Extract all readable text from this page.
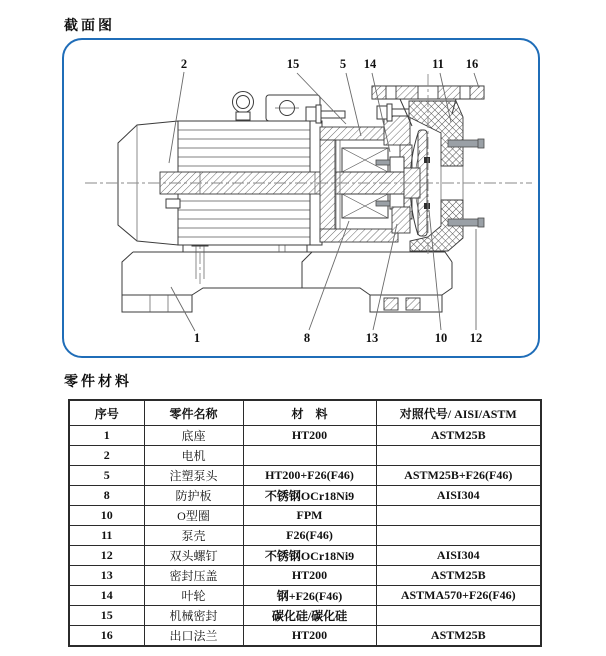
截面图
2	15	5 14	11 16
1	8	13	10 12
零件材料
序号	零件名称	材　料	对照代号/ AISI/ASTM
1	底座	HT200	ASTM25B
2	电机		
5	注塑泵头	HT200+F26(F46)	ASTM25B+F26(F46)
8	防护板	不锈钢OCr18Ni9	AISI304
10	O型圈	FPM	
11	泵壳	F26(F46)	
12	双头螺钉	不锈钢OCr18Ni9	AISI304
13	密封压盖	HT200	ASTM25B
14	叶轮	钢+F26(F46)	ASTMA570+F26(F46)
15	机械密封	碳化硅/碳化硅	
16	出口法兰	HT200	ASTM25B
